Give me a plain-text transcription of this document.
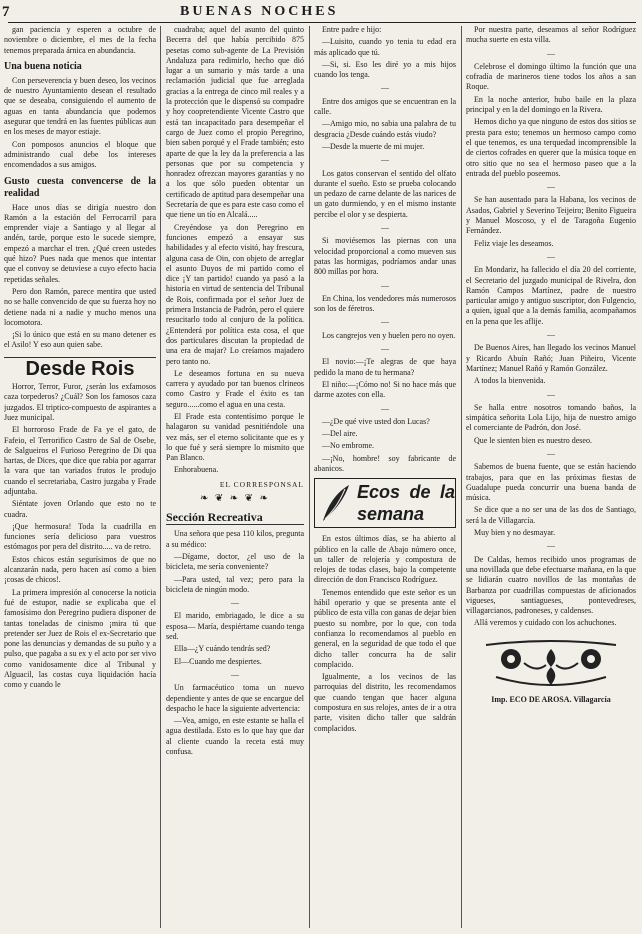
7	BUENAS NOCHES

gan paciencia y esperen a octubre de noviembre o diciembre, el mes de la fecha tenemos preparada árnica en abundancia.

Una buena noticia

Con perseverencia y buen deseo, los vecinos de nuestro Ayuntamiento desean el resultado que se deseaba, consiguiendo el aumento de aguas en tanta abundancia que podemos asegurar que tendrá en las fuentes públicas aun en los meses de mayor estiaje.

Con pomposos anuncios el bloque que administrando cual debe los intereses encomendados a sus amigos.

Gusto cuesta convencerse de la realidad

Hace unos días se dirigía nuestro don Ramón a la estación del Ferrocarril para emprender viaje a Santiago y al llegar al andén, tarde, porque esto le sucede siempre, empezó a marchar el tren. ¿Qué creen ustedes qué hizo? Pues nada que menos que intentar que el convoy se detuviese a cuyo efecto hacia repetidas señales.

Pero don Ramón, parece mentira que usted no se halle convencido de que su fuerza hoy no detiene nada ni a nadie y mucho menos una locomotora.

¡Si lo único que está en su mano detener es el Asilo! Y eso aun quien sabe.

Desde Rois

Horror, Terror, Furor, ¿serán los exfamosos caza torpederos? ¿Cuál? Son los famosos caza juzgados. El triptico-compuesto de aspirantes a Juez municipal.

El horroroso Frade de Fa ye el gato, de Fafeio, el Terrorifico Castro de Sal de Osebe, de Salgueiros el Furioso Peregrino de Di qua hartas, de Dices, que dice que rabia por agarrar la vara que tan variados frutos le produjo cuando el secretariaba, Castro juzgaba y Frade adjuntaba.

Siéntate joven Orlando que esto no te cuadra.

¡Que hermosura! Toda la cuadrilla en funciones sería delicioso para vuestros estómagos por pera del distrito..... va de retro.

Estos chicos están segurísimos de que no alcanzarán nada, pero hacen así como a bien ¡cosas de chicos!.

La primera impresión al conocerse la noticia fué de estupor, nadie se explicaba que el famosísimo don Peregrino pudiera disponer de tantas toneladas de cinismo ¡mira tú que pretender ser Juez de Rois el ex-Secretario que pone las denuncias y demandas de su puño y a pulso, que pagaba a su ex y el acto por ser vivo como vanidosamente dice al Tribunal y Alguacil, las costas cuya liquidación hacía como y cuando le

cuadraba; aquel del asunto del quinto Becerra del que había percibido 875 pesetas como sub-agente de La Previsión Andaluza para redimirlo, hecho que dió lugar a un sumario y más tarde a una reclamación judicial que fue arreglada gracias a la entrega de cinco mil reales y a la protección que le dispensó su compadre y hoy coopretendiente Vicente Castro que está tan incapacitado para desempeñar el cargo de Juez como el propio Peregrino, bien saben porqué y el Frade también; esto aparte de que la ley da la preferencia a las personas que por su competencia y honradez ofrezcan mayores garantías y no a los que sólo pueden obtentar un certificado de aptitud para desempeñar una Secretaría de que es para este caso como el que tiene un tío en Alcalá.....

Creyéndose ya don Peregrino en funciones empezó a ensayar sus habilidades y al efecto visitó, hay frescura, alguna casa de Oin, con objeto de arreglar el asunto Duyos de mi partido como el dice ¡Y tan partido! cuando ya pasó a la historia en virtud de sentencia del Tribunal de Rois, confirmada por el señor Juez de primera Instancia de Padrón, pero el quiere resucitarlo todo al conjuro de la política. ¿Entenderá por política esta cosa, el que dos particulares discutan la propiedad de una era de majar? Lo creíamos majadero pero tanto no.

Le deseamos fortuna en su nueva carrera y ayudado por tan buenos clrineos como Castro y Frade el éxito es tan seguro......como el agua en una cesta.

El Frade esta contentísimo porque le halagaron su vanidad pesnitiéndole una vez más, ser el eterno solicitante que es y lo que fué y será siempre lo mismito que Pan Blanco.

Enhorabuena.

EL CORRESPONSAL
❧ ❦ ❧ ❦ ❧
Sección Recreativa

Una señora que pesa 110 kilos, pregunta a su médico:

—Dígame, doctor, ¿el uso de la bicicleta, me sería conveniente?

—Para usted, tal vez; pero para la bicicleta de ningún modo.

—

El marido, embriagado, le dice a su esposa— María, despiértame cuando tenga sed.

Ella—¿Y cuándo tendrás sed?

El—Cuando me despiertes.

—

Un farmacéutico toma un nuevo dependiente y antes de que se encargue del despacho le hace la siguiente advertencia:

—Vea, amigo, en este estante se halla el agua destilada. Esto es lo que hay que dar al cliente cuando la receta está muy confusa.

Entre padre e hijo:

—Luisito, cuando yo tenia tu edad era más aplicado que tú.

—Si, si. Eso les diré yo a mis hijos cuando los tenga.

—

Entre dos amigos que se encuentran en la calle.

—Amigo mio, no sabia una palabra de tu desgracia ¿Desde cuándo estás viudo?

—Desde la muerte de mi mujer.

—

Los gatos conservan el sentido del olfato durante el sueño. Esto se prueba colocando un pedazo de carne delante de las narices de un gato durmiendo, y en el mismo instante percibe el olor y se despierta.

—

Si moviésemos las piernas con una velocidad proporcional a como mueven sus patas las hormigas, podríamos andar unas 800 millas por hora.

—

En China, los vendedores más numerosos son los de féretros.

—

Los cangrejos ven y huelen pero no oyen.

—

El novio:—¡Te alegras de que haya pedido la mano de tu hermana?

El niño:—¡Cómo no! Si no hace más que darme azotes con ella.

—

—¿De qué vive usted don Lucas?

—Del aire.

—No embrome.

—¡No, hombre! soy fabricante de abanicos.

Ecos de la semana

En estos últimos días, se ha abierto al público en la calle de Abajo número once, un taller de relojería y compostura de relojes de todas clases, bajo la competente dirección de don Francisco Rodríguez.

Tenemos entendido que este señor es un hábil operario y que se presenta ante el público de esta villa con ganas de dejar bien puesto su nombre, por lo que, con toda confianza lo recomendamos al pueblo en general, en la seguridad de que todo el que dicho taller concurra ha de salir complacido.

Igualmente, a los vecinos de las parroquias del distrito, les recomendamos que cuando tengan que hacer alguna compostura en sus relojes, antes de ir a otra parte, visiten dicho taller que saldrán complacidos.

Por nuestra parte, deseamos al señor Rodríguez mucha suerte en esta villa.

—

Celebrose el domingo último la función que una cofradía de marineros tiene todos los años a san Roque.

En la noche anterior, hubo baile en la plaza principal y en la del domingo en la Rivera.

Hemos dicho ya que ninguno de estos dos sitios se presta para esto; tenemos un hermoso campo como el que tenemos, es una terquedad incomprensible la de ciertos cofrades en querer que la música toque en otro sitio que no sea el hermoso paseo que a la entrada del pueblo poseemos.

—

Se han ausentado para la Habana, los vecinos de Asados, Gabriel y Severino Teijeiro; Benito Figueira y Manuel Moscoso, y el de Taragoña Eugenio Fernández.

Feliz viaje les deseamos.

—

En Mondariz, ha fallecido el día 20 del corriente, el Secretario del juzgado municipal de Rivelra, don Ramón Campos Martínez, padre de nuestro particular amigo y antiguo suscriptor, don Fulgencio, a quien, igual que a la demás familia, acompañamos en la pena que les aflije.

—

De Buenos Aires, han llegado los vecinos Manuel y Ricardo Abuín Rañó; Juan Piñeiro, Vicente Martínez; Manuel Rañó y Ramón González.

A todos la bienvenida.

—

Se halla entre nosotros tomando baños, la simpática señorita Lola Lijo, hija de nuestro amigo el comerciante de Padrón, don José.

Que le sienten bien es nuestro deseo.

—

Sabemos de buena fuente, que se están haciendo trabajos, para que en las próximas fiestas de Guadalupe pueda concurrir una buena banda de música.

Se dice que a no ser una de las dos de Santiago, será la de Villagarcía.

Muy bien y no desmayar.

—

De Caldas, hemos recibido unos programas de una novillada que debe efectuarse mañana, en la que se lidiarán cuatro novillos de las montañas de Barbanza por cuadrillas compuestas de aficionados vigueses, santiagueses, pontevedreses, villagarcianos, padroneses, y caldenses.

Allá veremos y cuidado con los achuchones.

Imp. ECO DE AROSA. Villagarcía
